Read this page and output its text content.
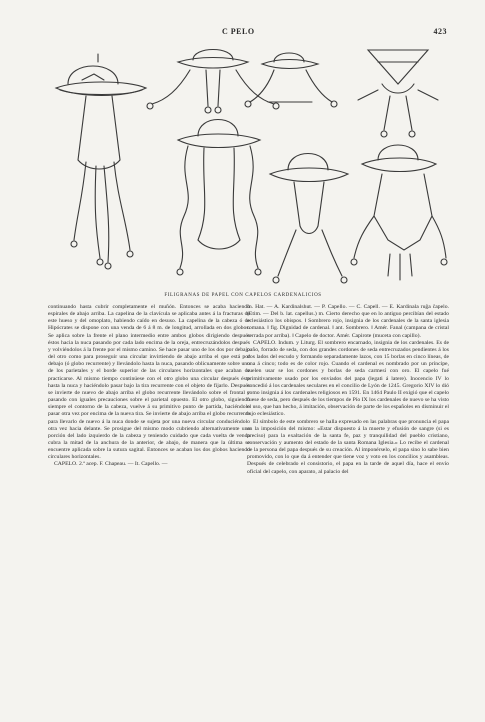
C PELO	423
FILIGRANAS DE PAPEL CON CAPELOS CARDENALICIOS

continuando hasta cubrir completamente el muñón. Entonces se acaba haciendo espirales de abajo arriba. La capelina de la clavícula se aplicaba antes á la fracturas de este hueso y del omoplato, habiendo caído en desuso. La capelina de la cabeza ó de Hipócrates se dispone con una venda de 6 á 8 m. de longitud, arrollada en dos globos. Se aplica sobre la frente el plano intermedio entre ambos globos dirigiendo después éstos hacia la nuca pasando por cada lado encima de la oreja, entrecruzándolos después y volviéndolos á la frente por el mismo camino. Se hace pasar uno de los dos por debajo del otro como para proseguir una circular invirtiendo de abajo arriba el que está por debajo (ó globo recurrente) y llevándolo hasta la nuca, pasando oblicuamente sobre uno de los parietales y el borde superior de las circulares horizontales que acaban de practicarse. Al mismo tiempo continúese con el otro globo una circular después éste hasta la nuca y haciéndolo pasar bajo la tira recurrente con el objeto de fijarlo. Después se invierte de nuevo de abajo arriba el globo recurrente llevándolo sobre el frontal y pasando con iguales precauciones sobre el parietal opuesto. El otro globo, siguiendo siempre el contorno de la cabeza, vuelve á su primitivo punto de partida, haciéndolo pasar otra vez por encima de la nueva tira. Se invierte de abajo arriba el globo recurrente para llevarlo de nuevo á la nuca donde se sujeta por una nueva circular conduciéndolo otra vez hacia delante. Se prosigue del mismo modo cubriendo alternativamente una porción del lado izquierdo de la cabeza y teniendo cuidado que cada vuelta de venda cubra la mitad de la anchura de la anterior, de abajo, de manera que la última se encuentre aplicada sobre la sutura sagital. Entonces se acaban los dos globos haciendo circulares horizontales.

CAPELO. 2.ª acep. F. Chapeau. — It. Capello. —

In. Hat. — A. Kardinalshut. — P. Capello. — C. Capell. — E. Kardinala ruĝa ĉapelo. (Etim. — Del b. lat. capellus.) m. Cierto derecho que en lo antiguo percibían del estado eclesiástico los obispos. ‖ Sombrero rojo, insignia de los cardenales de la santa iglesia romana. ‖ fig. Dignidad de cardenal. ‖ ant. Sombrero. ‖ Amér. Fanal (campana de cristal cerrada por arriba). ‖ Capelo de doctor. Amér. Capirote (muceta con capillo).

CAPELO. Indum. y Liturg. El sombrero encarnado, insignia de los cardenales. Es de paño, forrado de seda, con dos grandes cordones de seda entrecruzados pendientes á los dos lados del escudo y formando separadamente lazos, con 15 borlas en cinco líneas, de una á cinco; todo es de color rojo. Cuando el cardenal es nombrado por un príncipe, suelen usar se los cordones y borlas de seda carmesí con oro. El capelo fué primitivamente usado por los enviados del papa (legati á latere). Inocencio IV lo concedió á los cardenales seculares en el concilio de Lyón de 1245. Gregorio XIV lo dió como insignia á los cardenales religiosos en 1591. En 1464 Paulo II exigió que el capelo fuese de seda, pero después de los tiempos de Pío IX los cardenales de nuevo se ha visto el uso, que han hecho, á imitación, observación de parte de los españoles en disminuir el lujo eclesiástico.

El símbolo de este sombrero se halla expresado en las palabras que pronuncia el papa en la imposición del mismo: «Estar dispuesto á la muerte y efusión de sangre (si es preciso) para la exaltación de la santa fe, paz y tranquilidad del pueblo cristiano, conservación y aumento del estado de la santa Romana Iglesia.» Lo recibe el cardenal de la persona del papa después de su creación. Al imponérselo, el papa sino lo sabe bien promovido, con lo que da á entender que tiene voz y voto en los concilios y asambleas. Después de celebrado el consistorio, el papa en la tarde de aquel día, hace el envío oficial del capelo, con aparato, al palacio del
